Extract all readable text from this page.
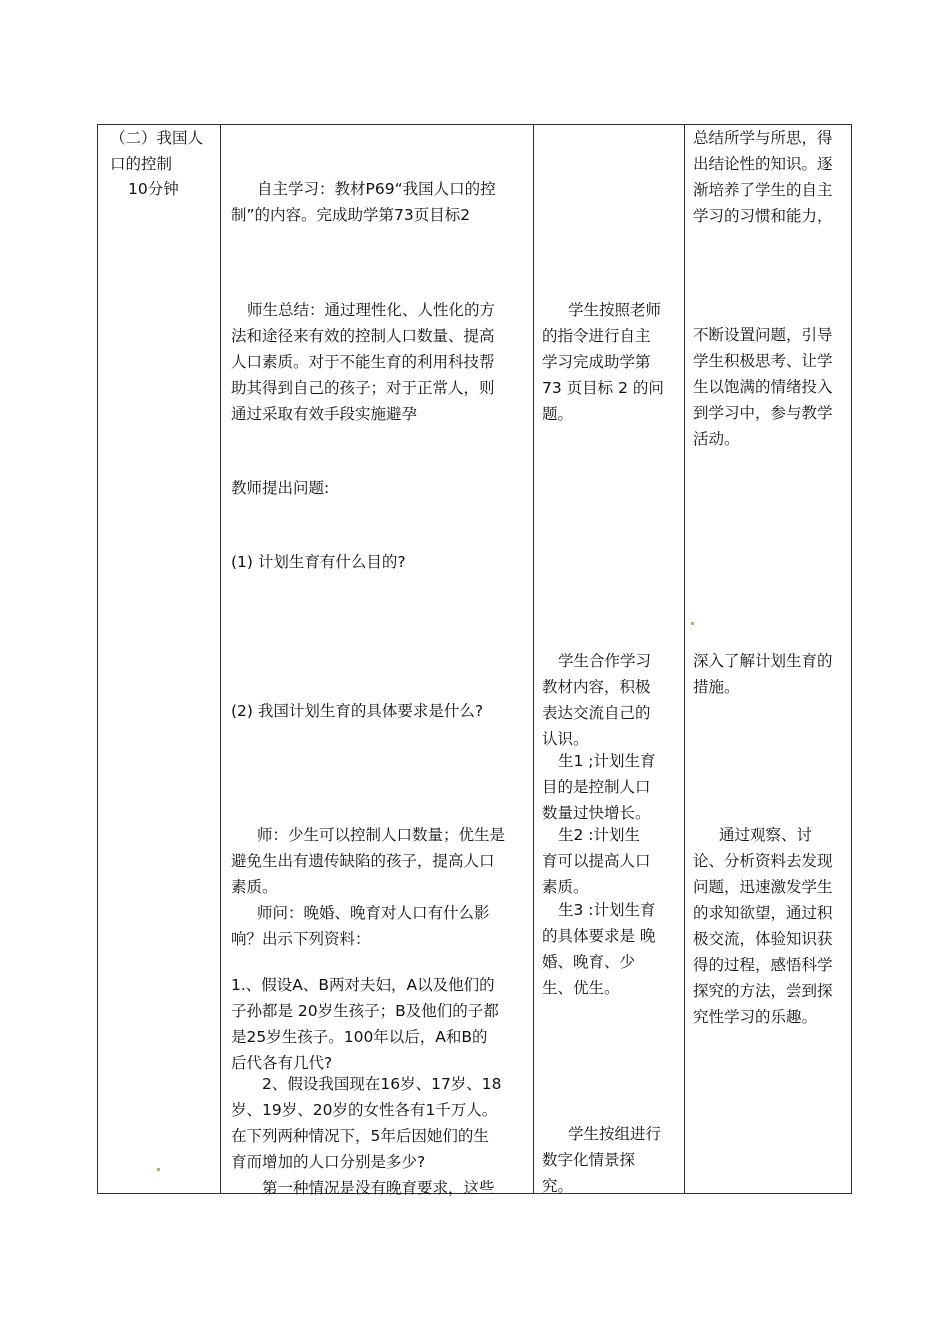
（二）我国人
口的控制
10分钟	自主学习：教材P69“我国人口的控
制”的内容。完成助学第73页目标2
师生总结：通过理性化、人性化的方
法和途径来有效的控制人口数量、提高
人口素质。对于不能生育的利用科技帮
助其得到自己的孩子；对于正常人，则
通过采取有效手段实施避孕
教师提出问题:
(1) 计划生育有什么目的?
(2) 我国计划生育的具体要求是什么?
师：少生可以控制人口数量；优生是
避免生出有遗传缺陷的孩子，提高人口
素质。
师问：晚婚、晚育对人口有什么影
响？出示下列资料：
1.、假设A、B两对夫妇，A以及他们的
子孙都是 20岁生孩子；B及他们的子都
是25岁生孩子。100年以后，A和B的
后代各有几代?
2、假设我国现在16岁、17岁、18
岁、19岁、20岁的女性各有1千万人。
在下列两种情况下，5年后因她们的生
育而增加的人口分别是多少?
第一种情况是没有晚育要求，这些
学生按照老师
的指令进行自主
学习完成助学第
73 页目标 2 的问
题。
学生合作学习
教材内容，积极
表达交流自己的
认识。
生1 ;计划生育
目的是控制人口
数量过快增长。
生2 :计划生
育可以提高人口
素质。
生3 :计划生育
的具体要求是 晚
婚、晚育、少
生、优生。
学生按组进行
数字化情景探
究。
总结所学与所思，得
出结论性的知识。逐
渐培养了学生的自主
学习的习惯和能力，
不断设置问题，引导
学生积极思考、让学
生以饱满的情绪投入
到学习中，参与教学
活动。
深入了解计划生育的
措施。
通过观察、讨
论、分析资料去发现
问题，迅速激发学生
的求知欲望，通过积
极交流，体验知识获
得的过程，感悟科学
探究的方法，尝到探
究性学习的乐趣。
